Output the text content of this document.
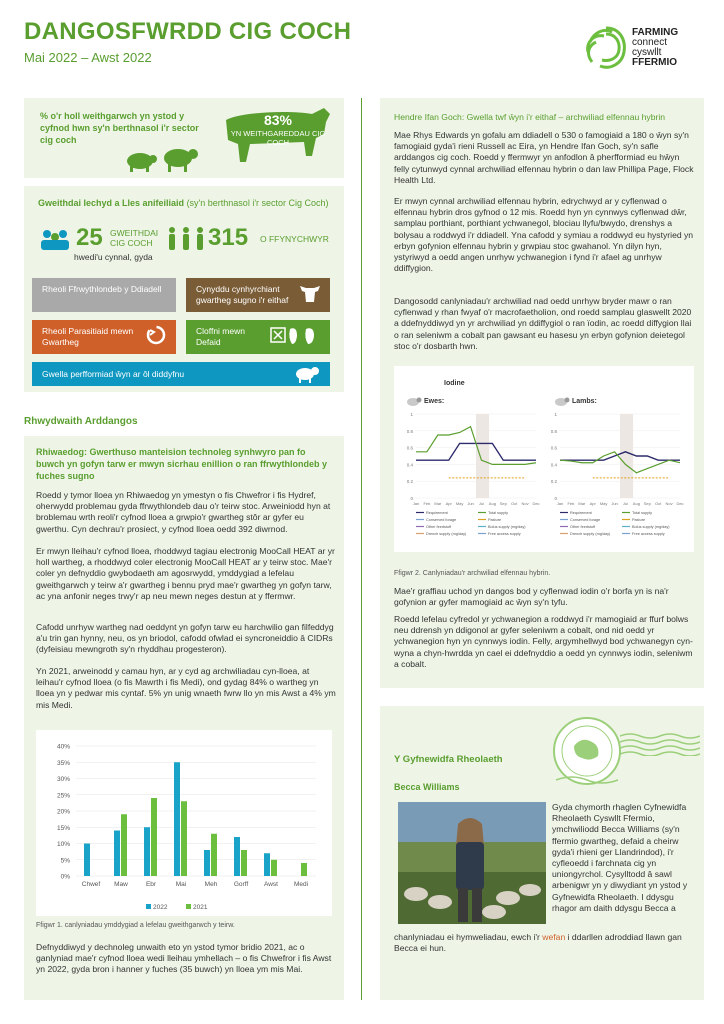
DANGOSFWRDD CIG COCH
Mai 2022 – Awst 2022
FARMING
connect
cyswllt
FFERMIO
% o'r holl weithgarwch yn ystod y cyfnod hwn sy'n berthnasol i'r sector cig coch
83%
YN WEITHGAREDDAU CIG COCH
Gweithdai Iechyd a Lles anifeiliaid (sy'n berthnasol i'r sector Cig Coch)
25 GWEITHDAI CIG COCH
hwedi'u cynnal, gyda
315 O FFYNYCHWYR
Rheoli Ffrwythlondeb y Ddiadell	Cynyddu cynhyrchiant gwartheg sugno i'r eithaf
Rheoli Parasitiaid mewn Gwartheg
Cloffni mewn Defaid
Gwella perfformiad ŵyn ar ôl diddyfnu
Rhwydwaith Arddangos
Rhiwaedog: Gwerthuso manteision technoleg synhwyro pan fo buwch yn gofyn tarw er mwyn sicrhau enillion o ran ffrwythlondeb y fuches sugno
Roedd y tymor lloea yn Rhiwaedog yn ymestyn o fis Chwefror i fis Hydref, oherwydd problemau gyda ffrwythlondeb dau o'r teirw stoc. Arweiniodd hyn at broblemau wrth reoli'r cyfnod lloea a grwpio'r gwartheg stôr ar gyfer eu gwerthu. Cyn dechrau'r prosiect, y cyfnod lloea oedd 392 diwrnod.
Er mwyn lleihau'r cyfnod lloea, rhoddwyd tagiau electronig MooCall HEAT ar yr holl wartheg, a rhoddwyd coler electronig MooCall HEAT ar y teirw stoc. Mae'r coler yn defnyddio gwybodaeth am agosrwydd, ymddygiad a lefelau gweithgarwch y teirw a'r gwartheg i bennu pryd mae'r gwartheg yn gofyn tarw, ac yna anfonir neges trwy'r ap neu mewn neges destun at y ffermwr.
Cafodd unrhyw wartheg nad oeddynt yn gofyn tarw eu harchwilio gan filfeddyg a'u trin gan hynny, neu, os yn briodol, cafodd ofwlad ei syncroneiddio â CIDRs (dyfeisiau mewngroth sy'n rhyddhau progesteron).
Yn 2021, arweinodd y camau hyn, ar y cyd ag archwiliadau cyn-lloea, at leihau'r cyfnod lloea (o fis Mawrth i fis Medi), ond gydag 84% o wartheg yn lloea yn y pedwar mis cyntaf. 5% yn unig wnaeth fwrw llo yn mis Awst a 4% ym mis Medi.
0%
5%
10%
15%
20%
25%
30%
35%
40%
Chwef Maw	Ebr	Mai	Meh	Gorff Awst Medi
2022	2021
Ffigwr 1. canlyniadau ymddygiad a lefelau gweithgarwch y teirw.
Defnyddiwyd y dechnoleg unwaith eto yn ystod tymor bridio 2021, ac o ganlyniad mae'r cyfnod lloea wedi lleihau ymhellach – o fis Chwefror i fis Awst yn 2022, gyda bron i hanner y fuches (35 buwch) yn lloea ym mis Mai.
Hendre Ifan Goch: Gwella twf ŵyn i'r eithaf – archwiliad elfennau hybrin
Mae Rhys Edwards yn gofalu am ddiadell o 530 o famogiaid a 180 o ŵyn sy'n famogiaid gyda'i rieni Russell ac Eira, yn Hendre Ifan Goch, sy'n safle arddangos cig coch. Roedd y ffermwyr yn anfodlon â pherfformiad eu hŵyn felly cytunwyd cynnal archwiliad elfennau hybrin o dan law Phillipa Page, Flock Health Ltd.
Er mwyn cynnal archwiliad elfennau hybrin, edrychwyd ar y cyflenwad o elfennau hybrin dros gyfnod o 12 mis. Roedd hyn yn cynnwys cyflenwad dŵr, samplau porthiant, porthiant ychwanegol, blociau llyfu/bwydo, drenshys a bolysau a roddwyd i'r ddiadell. Yna cafodd y symiau a roddwyd eu hystyried yn erbyn gofynion elfennau hybrin y grwpiau stoc gwahanol. Yn dilyn hyn, ystyriwyd a oedd angen unrhyw ychwanegion i fynd i'r afael ag unrhyw ddiffygion.
Dangosodd canlyniadau'r archwiliad nad oedd unrhyw bryder mawr o ran cyflenwad y rhan fwyaf o'r macrofaetholion, ond roedd samplau glaswellt 2020 a ddefnyddiwyd yn yr archwiliad yn ddiffygiol o ran ïodin, ac roedd diffygion llai o ran seleniwm a cobalt pan gawsant eu hasesu yn erbyn gofynion deietegol stoc o'r dosbarth hwn.
Iodine
Ewes:	Lambs:
0
0.2
0.4
0.6
0.8
1
Jan Feb Mar Apr May Jun Jul Aug Sep Oct Nov Dec
Requirement	Total supply
Conserved forage	Pasture
Other feedstuff	Bolus supply (mg/day)
Drench supply (mg/day)	Free access supply
0
0.2
0.4
0.6
0.8
1
Jan Feb Mar Apr May Jun Jul Aug Sep Oct Nov Dec
Requirement	Total supply
Conserved forage	Pasture
Other feedstuff	Bolus supply (mg/day)
Drench supply (mg/day)	Free access supply
Ffigwr 2. Canlyniadau'r archwiliad elfennau hybrin.
Mae'r graffiau uchod yn dangos bod y cyflenwad iodin o'r borfa yn is na'r gofynion ar gyfer mamogiaid ac ŵyn sy'n tyfu.
Roedd lefelau cyfredol yr ychwanegion a roddwyd i'r mamogiaid ar ffurf bolws neu ddrensh yn ddigonol ar gyfer seleniwm a cobalt, ond nid oedd yr ychwanegion hyn yn cynnwys iodin. Felly, argymhellwyd bod ychwanegyn cyn-wyna a chyn-hwrdda yn cael ei ddefnyddio a oedd yn cynnwys iodin, seleniwm a cobalt.
Y Gyfnewidfa Rheolaeth
Becca Williams
Gyda chymorth rhaglen Cyfnewidfa Rheolaeth Cyswllt Ffermio, ymchwiliodd Becca Williams (sy'n ffermio gwartheg, defaid a cheirw gyda'i rhieni ger Llandrindod), i'r cyfleoedd i farchnata cig yn uniongyrchol. Cysylltodd â sawl arbenigwr yn y diwydiant yn ystod y Gyfnewidfa Rheolaeth. I ddysgu rhagor am daith ddysgu Becca a
chanlyniadau ei hymweliadau, ewch i'r wefan i ddarllen adroddiad llawn gan Becca ei hun.
